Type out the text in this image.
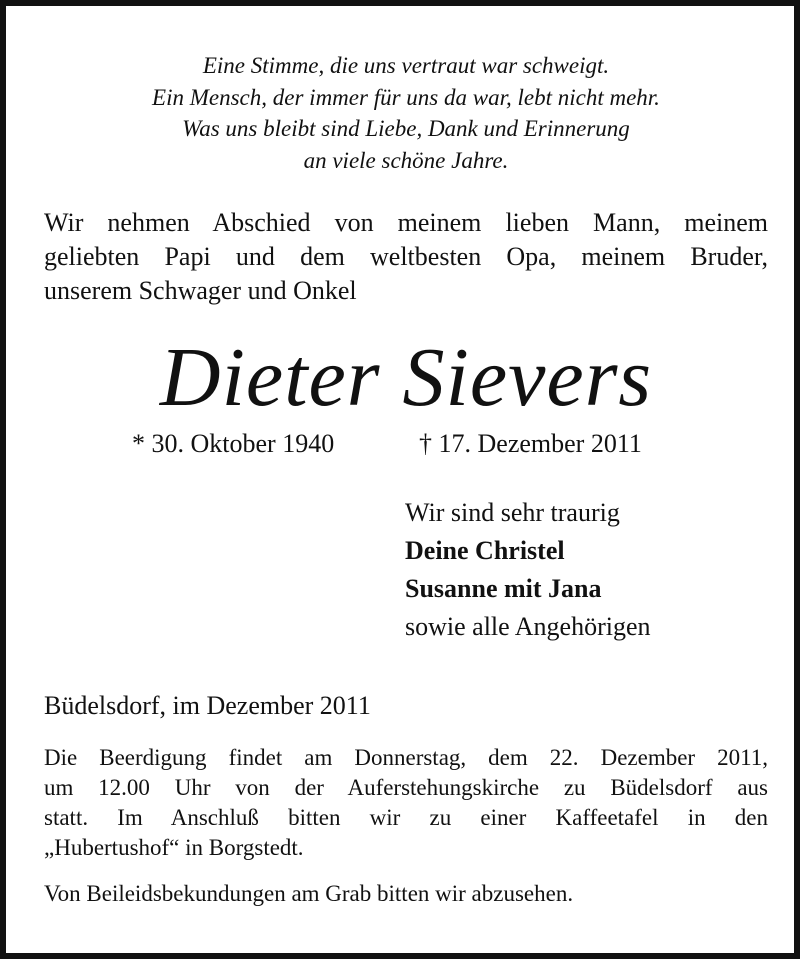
Eine Stimme, die uns vertraut war schweigt.
Ein Mensch, der immer für uns da war, lebt nicht mehr.
Was uns bleibt sind Liebe, Dank und Erinnerung
an viele schöne Jahre.
Wir nehmen Abschied von meinem lieben Mann, meinem
geliebten Papi und dem weltbesten Opa, meinem Bruder,
unserem Schwager und Onkel
Dieter Sievers
* 30. Oktober 1940	† 17. Dezember 2011
Wir sind sehr traurig
Deine Christel
Susanne mit Jana
sowie alle Angehörigen
Büdelsdorf, im Dezember 2011
Die Beerdigung findet am Donnerstag, dem 22. Dezember 2011,
um 12.00 Uhr von der Auferstehungskirche zu Büdelsdorf aus
statt. Im Anschluß bitten wir zu einer Kaffeetafel in den
„Hubertushof“ in Borgstedt.
Von Beileidsbekundungen am Grab bitten wir abzusehen.
